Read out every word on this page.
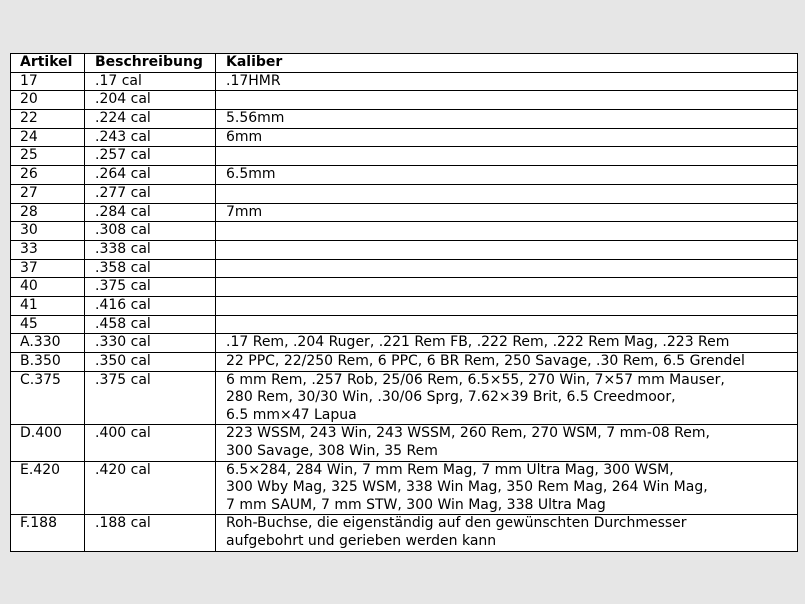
Artikel	Beschreibung	Kaliber
17	.17 cal	.17HMR

20	.204 cal	

22	.224 cal	5.56mm

24	.243 cal	6mm

25	.257 cal	

26	.264 cal	6.5mm

27	.277 cal	

28	.284 cal	7mm

30	.308 cal	

33	.338 cal	

37	.358 cal	

40	.375 cal	

41	.416 cal	

45	.458 cal	

A.330	.330 cal	.17 Rem, .204 Ruger, .221 Rem FB, .222 Rem, .222 Rem Mag, .223 Rem

B.350	.350 cal	22 PPC, 22/250 Rem, 6 PPC, 6 BR Rem, 250 Savage, .30 Rem, 6.5 Grendel

C.375	.375 cal	6 mm Rem, .257 Rob, 25/06 Rem, 6.5×55, 270 Win, 7×57 mm Mauser,
280 Rem, 30/30 Win, .30/06 Sprg, 7.62×39 Brit, 6.5 Creedmoor,
6.5 mm×47 Lapua

D.400	.400 cal	223 WSSM, 243 Win, 243 WSSM, 260 Rem, 270 WSM, 7 mm-08 Rem,
300 Savage, 308 Win, 35 Rem

E.420	.420 cal	6.5×284, 284 Win, 7 mm Rem Mag, 7 mm Ultra Mag, 300 WSM,
300 Wby Mag, 325 WSM, 338 Win Mag, 350 Rem Mag, 264 Win Mag,
7 mm SAUM, 7 mm STW, 300 Win Mag, 338 Ultra Mag

F.188	.188 cal	Roh-Buchse, die eigenständig auf den gewünschten Durchmesser
aufgebohrt und gerieben werden kann
